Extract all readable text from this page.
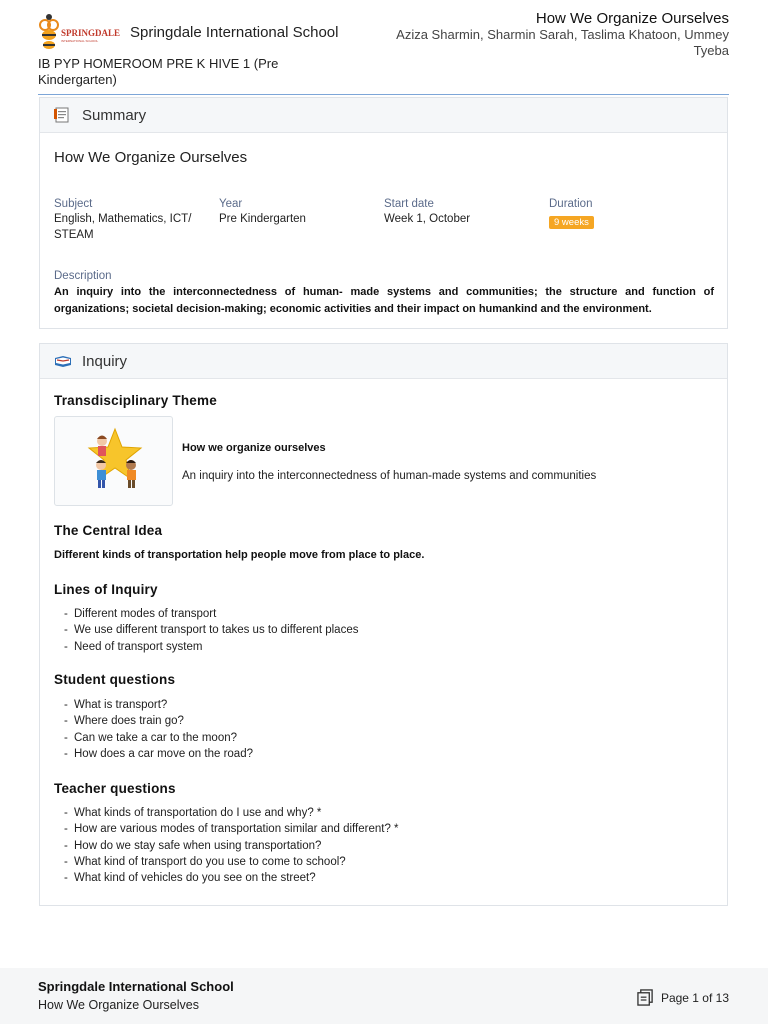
SPRINGDALE
INTERNATIONAL SCHOOL Springdale International School
How We Organize Ourselves
Aziza Sharmin, Sharmin Sarah, Taslima Khatoon, Ummey Tyeba
IB PYP HOMEROOM PRE K HIVE 1 (Pre Kindergarten)
Summary
How We Organize Ourselves
Subject
English, Mathematics, ICT/ STEAM
Year
Pre Kindergarten
Start date
Week 1, October
Duration
9 weeks
Description
An inquiry into the interconnectedness of human- made systems and communities; the structure and function of organizations; societal decision-making; economic activities and their impact on humankind and the environment.
Inquiry
Transdisciplinary Theme
How we organize ourselves
An inquiry into the interconnectedness of human-made systems and communities
The Central Idea
Different kinds of transportation help people move from place to place.
Lines of Inquiry
- Different modes of transport
- We use different transport to takes us to different places
- Need of transport system
Student questions
- What is transport?
- Where does train go?
- Can we take a car to the moon?
- How does a car move on the road?
Teacher questions
- What kinds of transportation do I use and why? *
- How are various modes of transportation similar and different? *
- How do we stay safe when using transportation?
- What kind of transport do you use to come to school?
- What kind of vehicles do you see on the street?
Springdale International School
How We Organize Ourselves
Page 1 of 13
